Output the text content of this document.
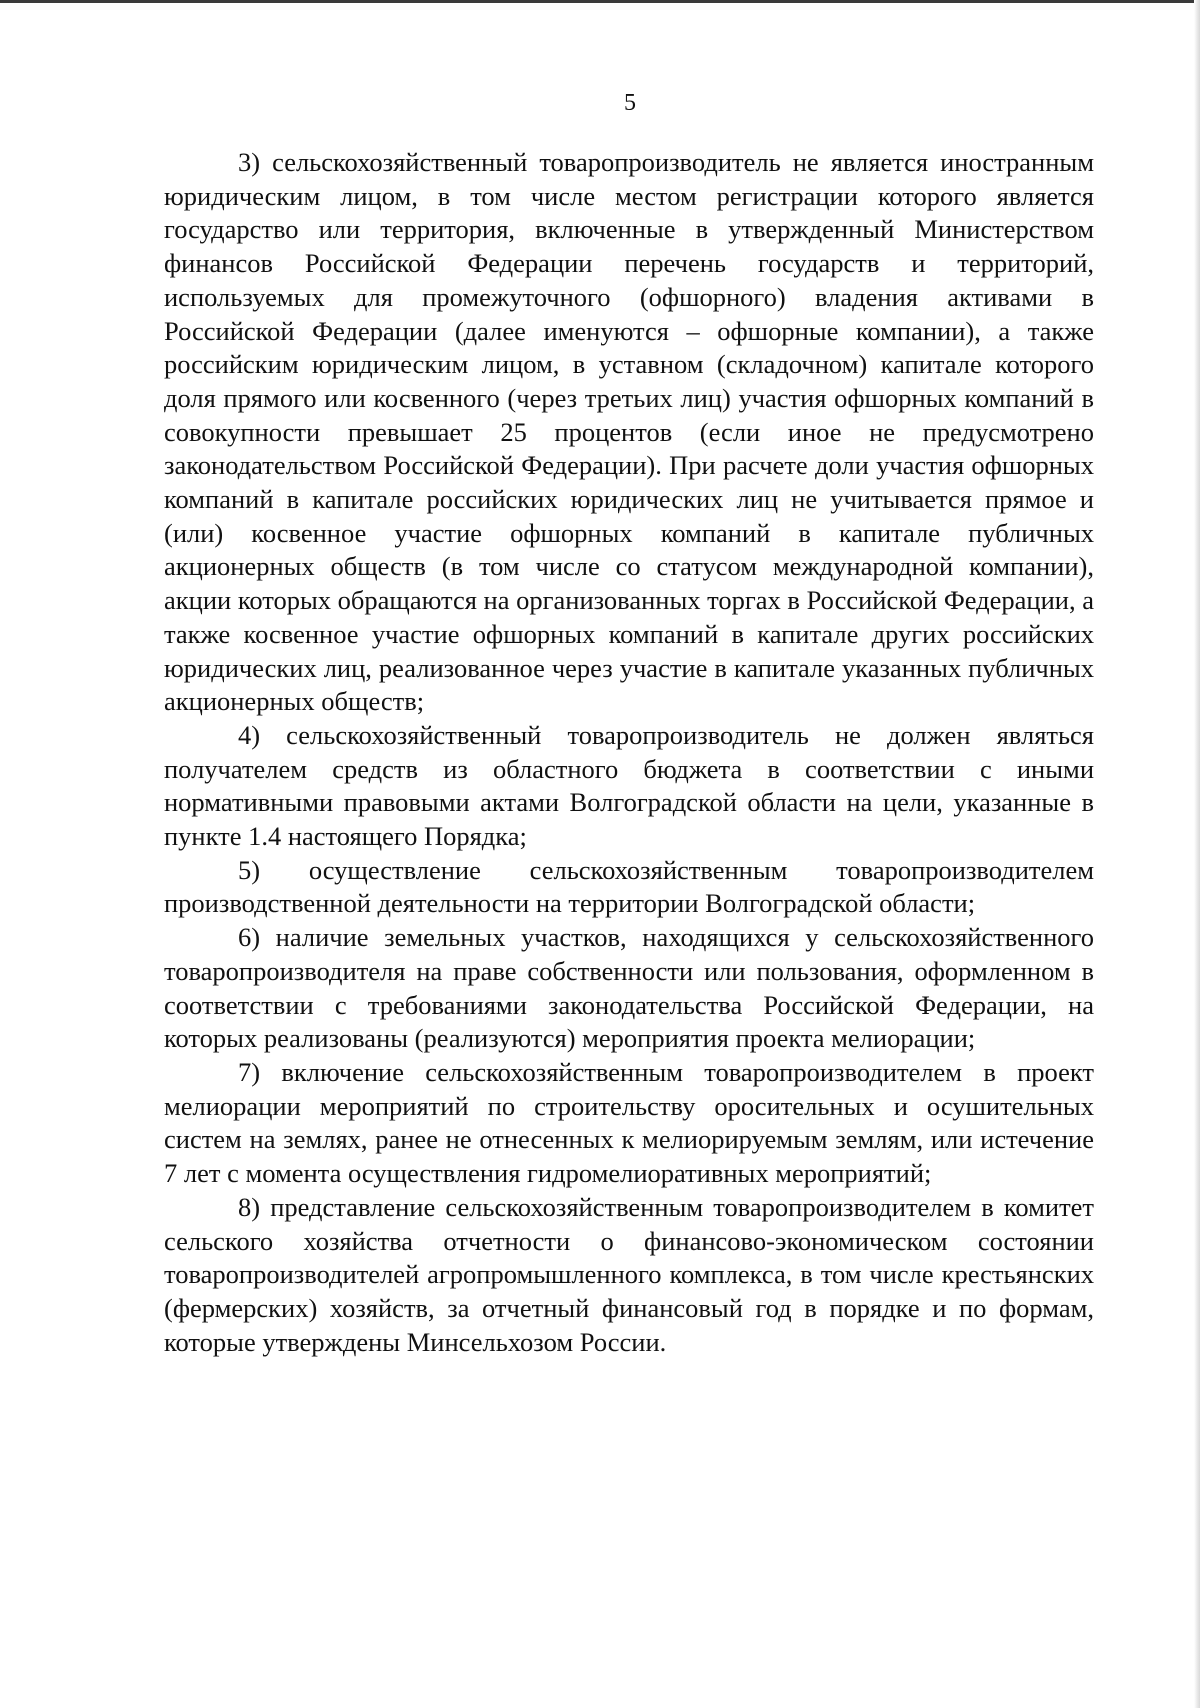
5

3) сельскохозяйственный товаропроизводитель не является иностранным юридическим лицом, в том числе местом регистрации которого является государство или территория, включенные в утвержденный Министерством финансов Российской Федерации перечень государств и территорий, используемых для промежуточного (офшорного) владения активами в Российской Федерации (далее именуются – офшорные компании), а также российским юридическим лицом, в уставном (складочном) капитале которого доля прямого или косвенного (через третьих лиц) участия офшорных компаний в совокупности превышает 25 процентов (если иное не предусмотрено законодательством Российской Федерации). При расчете доли участия офшорных компаний в капитале российских юридических лиц не учитывается прямое и (или) косвенное участие офшорных компаний в капитале публичных акционерных обществ (в том числе со статусом международной компании), акции которых обращаются на организованных торгах в Российской Федерации, а также косвенное участие офшорных компаний в капитале других российских юридических лиц, реализованное через участие в капитале указанных публичных акционерных обществ;

4) сельскохозяйственный товаропроизводитель не должен являться получателем средств из областного бюджета в соответствии с иными нормативными правовыми актами Волгоградской области на цели, указанные в пункте 1.4 настоящего Порядка;

5) осуществление сельскохозяйственным товаропроизводителем производственной деятельности на территории Волгоградской области;

6) наличие земельных участков, находящихся у сельскохозяйственного товаропроизводителя на праве собственности или пользования, оформленном в соответствии с требованиями законодательства Российской Федерации, на которых реализованы (реализуются) мероприятия проекта мелиорации;

7) включение сельскохозяйственным товаропроизводителем в проект мелиорации мероприятий по строительству оросительных и осушительных систем на землях, ранее не отнесенных к мелиорируемым землям, или истечение 7 лет с момента осуществления гидромелиоративных мероприятий;

8) представление сельскохозяйственным товаропроизводителем в комитет сельского хозяйства отчетности о финансово-экономическом состоянии товаропроизводителей агропромышленного комплекса, в том числе крестьянских (фермерских) хозяйств, за отчетный финансовый год в порядке и по формам, которые утверждены Минсельхозом России.
